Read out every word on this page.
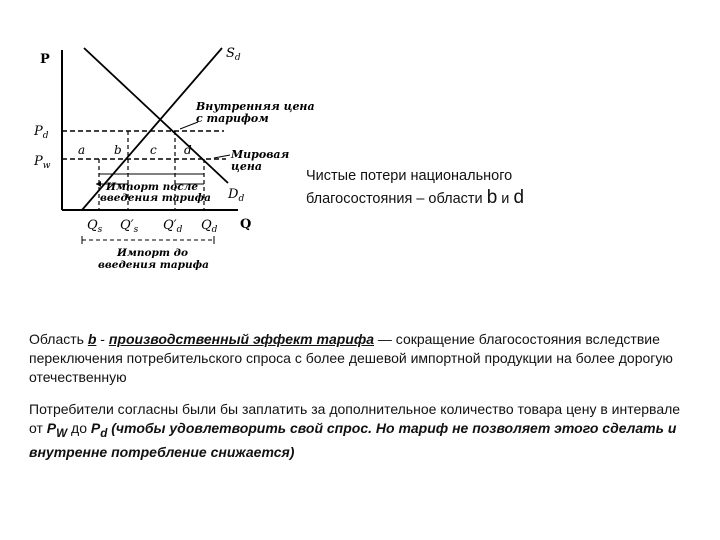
P
Q
$S_d$
$D_d$
$P_d$
$P_w$
a b c d
Внутренняя цена с тарифом
Мировая цена
Импорт после введения тарифа
$Q_s$ $Q'_s$ $Q'_d$ $Q_d$
Импорт до введения тарифа
Чистые потери национального
благосостояния – области b и d
Область b - производственный эффект тарифа — сокращение благосостояния вследствие переключения потребительского спроса с более дешевой импортной продукции на более дорогую отечественную
Потребители согласны были бы заплатить за дополнительное количество товара цену в интервале от $P_W$ до $P_d$ (чтобы удовлетворить свой спрос. Но тариф не позволяет этого сделать и внутренне потребление снижается)
